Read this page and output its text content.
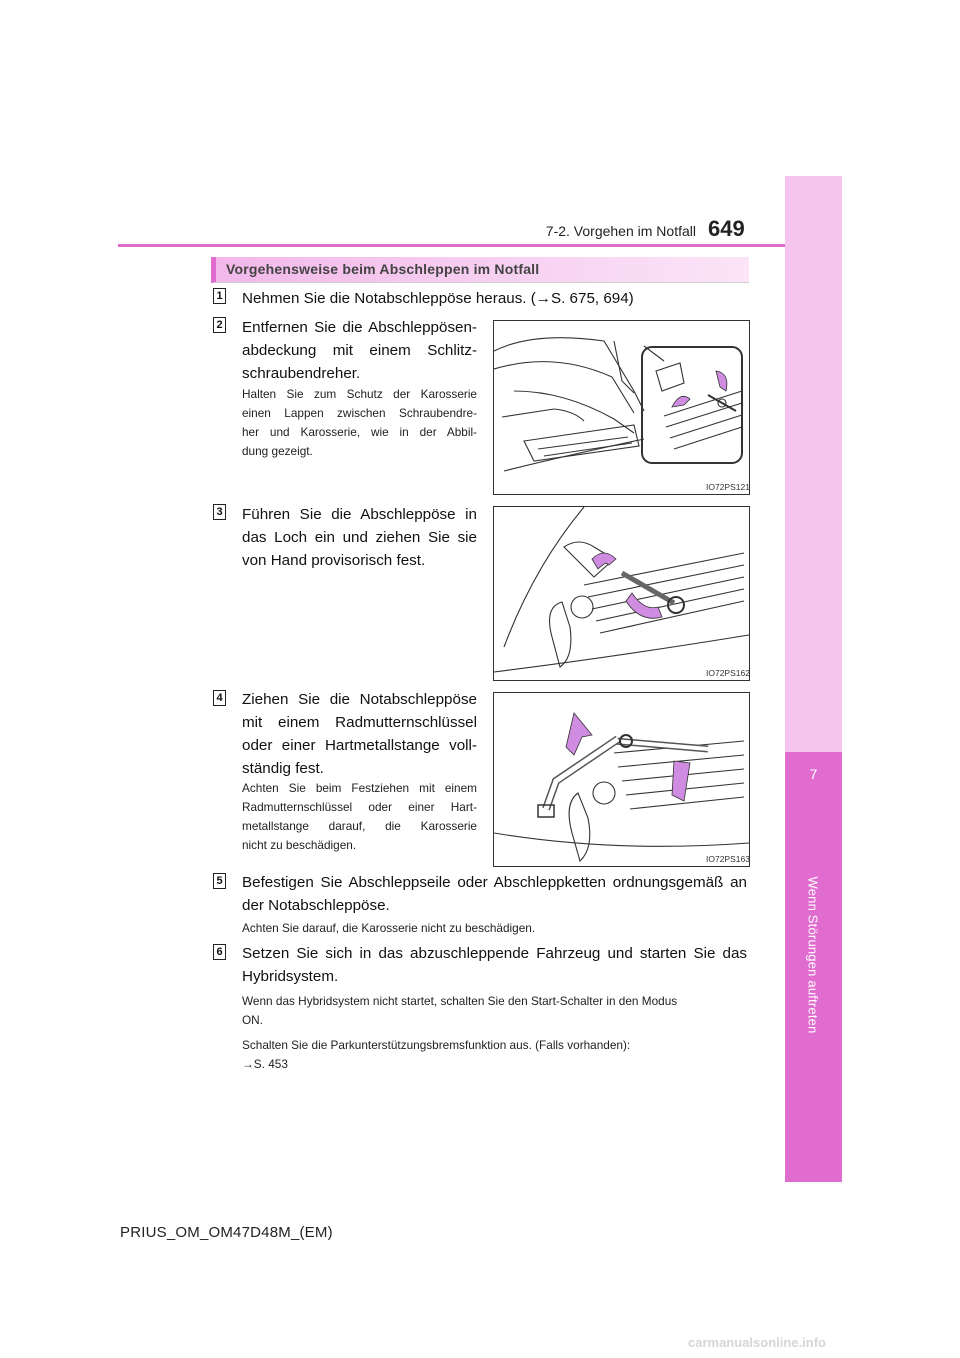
7
Wenn Störungen auftreten
7-2. Vorgehen im Notfall 649
Vorgehensweise beim Abschleppen im Notfall
1 Nehmen Sie die Notabschleppöse heraus. (→S. 675, 694)
2 Entfernen Sie die Abschleppösen-
abdeckung mit einem Schlitz-
schraubendreher.
Halten Sie zum Schutz der Karosserie
einen Lappen zwischen Schraubendre-
her und Karosserie, wie in der Abbil-
dung gezeigt.
IO72PS121
3 Führen Sie die Abschleppöse in
das Loch ein und ziehen Sie sie
von Hand provisorisch fest.
IO72PS162
4 Ziehen Sie die Notabschleppöse
mit einem Radmutternschlüssel
oder einer Hartmetallstange voll-
ständig fest.
Achten Sie beim Festziehen mit einem
Radmutternschlüssel oder einer Hart-
metallstange darauf, die Karosserie
nicht zu beschädigen.
IO72PS163
5 Befestigen Sie Abschleppseile oder Abschleppketten ordnungsgemäß an
der Notabschleppöse.
Achten Sie darauf, die Karosserie nicht zu beschädigen.
6 Setzen Sie sich in das abzuschleppende Fahrzeug und starten Sie das
Hybridsystem.
Wenn das Hybridsystem nicht startet, schalten Sie den Start-Schalter in den Modus
ON.
Schalten Sie die Parkunterstützungsbremsfunktion aus. (Falls vorhanden):
→S. 453
PRIUS_OM_OM47D48M_(EM)
carmanualsonline.info
